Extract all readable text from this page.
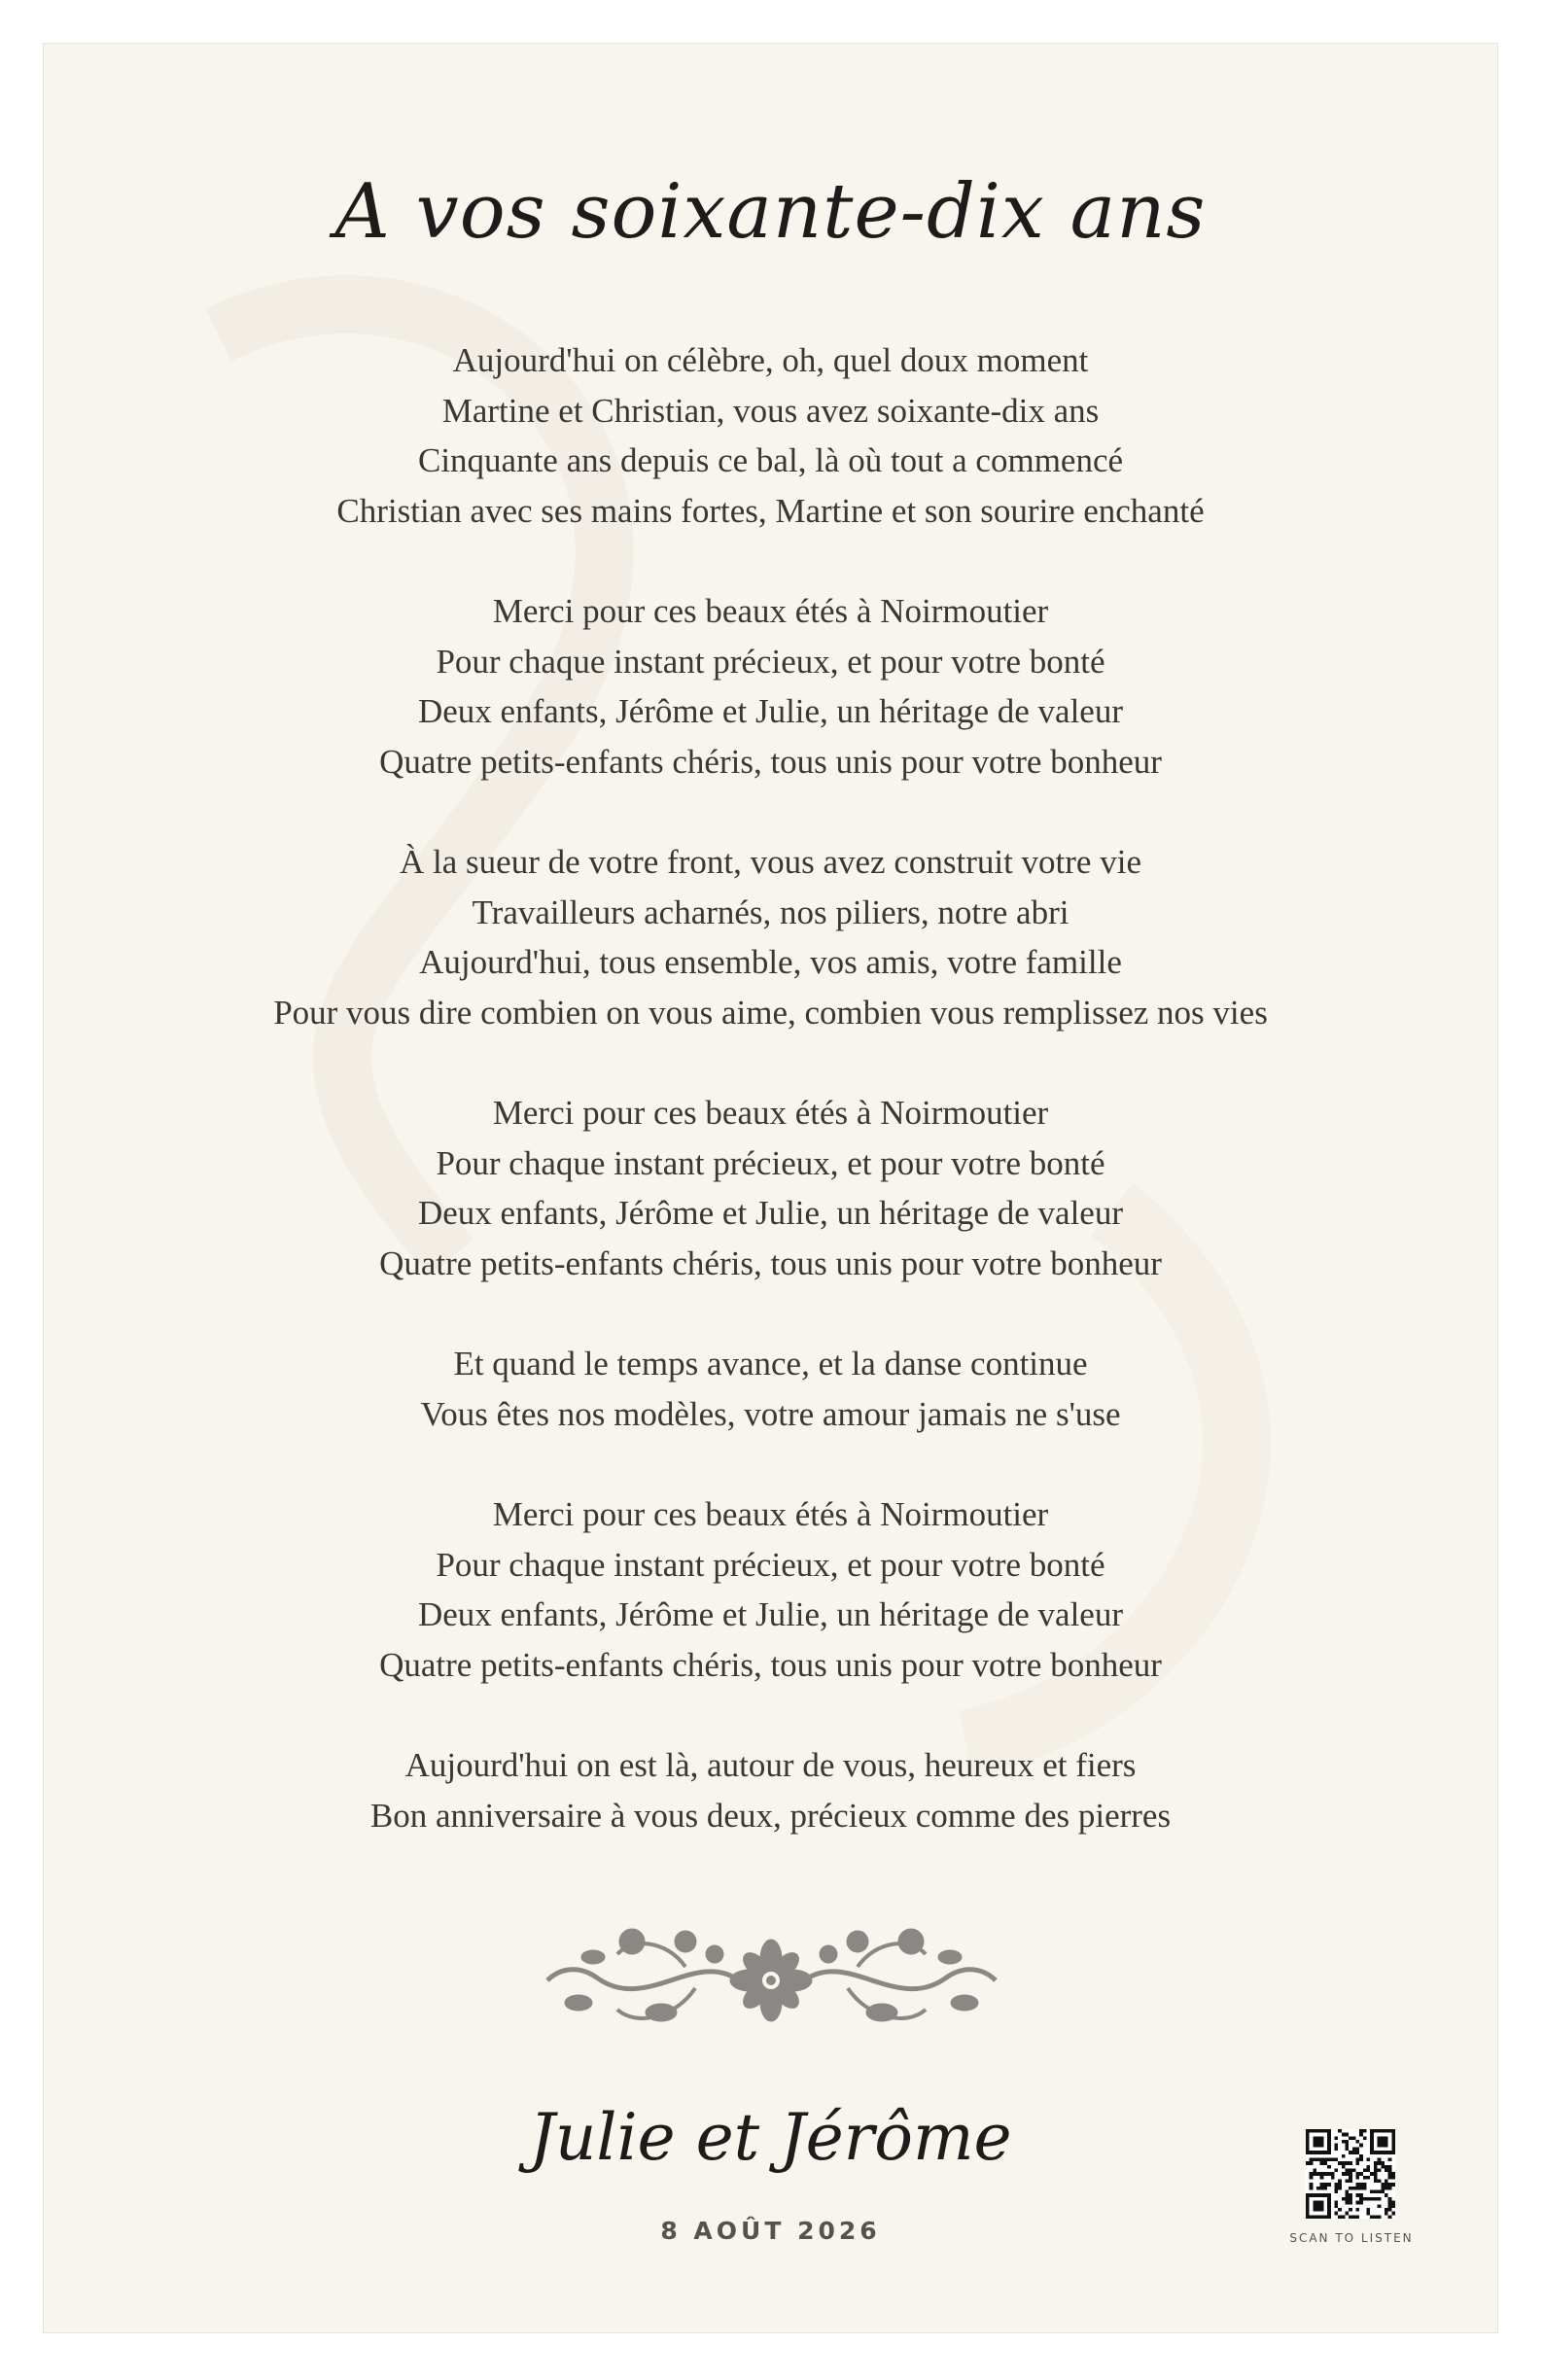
A vos soixante-dix ans
Aujourd'hui on célèbre, oh, quel doux moment
Martine et Christian, vous avez soixante-dix ans
Cinquante ans depuis ce bal, là où tout a commencé
Christian avec ses mains fortes, Martine et son sourire enchanté
Merci pour ces beaux étés à Noirmoutier
Pour chaque instant précieux, et pour votre bonté
Deux enfants, Jérôme et Julie, un héritage de valeur
Quatre petits-enfants chéris, tous unis pour votre bonheur
À la sueur de votre front, vous avez construit votre vie
Travailleurs acharnés, nos piliers, notre abri
Aujourd'hui, tous ensemble, vos amis, votre famille
Pour vous dire combien on vous aime, combien vous remplissez nos vies
Merci pour ces beaux étés à Noirmoutier
Pour chaque instant précieux, et pour votre bonté
Deux enfants, Jérôme et Julie, un héritage de valeur
Quatre petits-enfants chéris, tous unis pour votre bonheur
Et quand le temps avance, et la danse continue
Vous êtes nos modèles, votre amour jamais ne s'use
Merci pour ces beaux étés à Noirmoutier
Pour chaque instant précieux, et pour votre bonté
Deux enfants, Jérôme et Julie, un héritage de valeur
Quatre petits-enfants chéris, tous unis pour votre bonheur
Aujourd'hui on est là, autour de vous, heureux et fiers
Bon anniversaire à vous deux, précieux comme des pierres
Julie et Jérôme
8 AOÛT 2026	SCAN TO LISTEN
